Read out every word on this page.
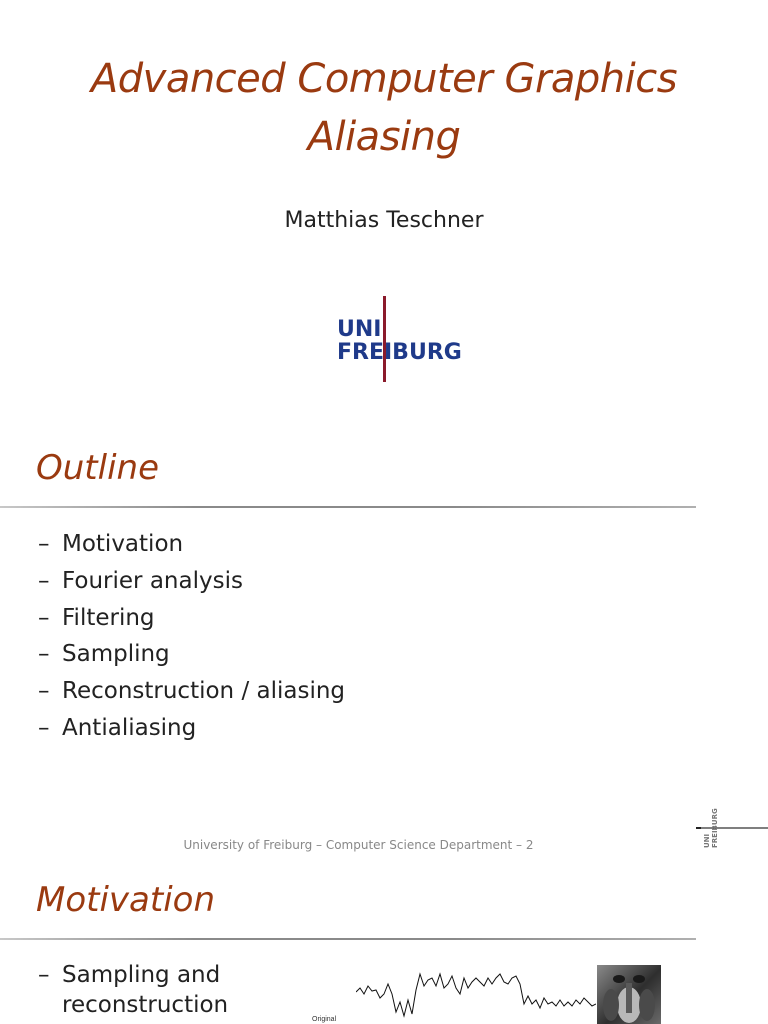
Advanced Computer Graphics
Aliasing
Matthias Teschner
UNI
FREIBURG
Outline
– Motivation
– Fourier analysis
– Filtering
– Sampling
– Reconstruction / aliasing
– Antialiasing
University of Freiburg – Computer Science Department – 2	UNI FREIBURG
Motivation
– Sampling and
reconstruction
Original
